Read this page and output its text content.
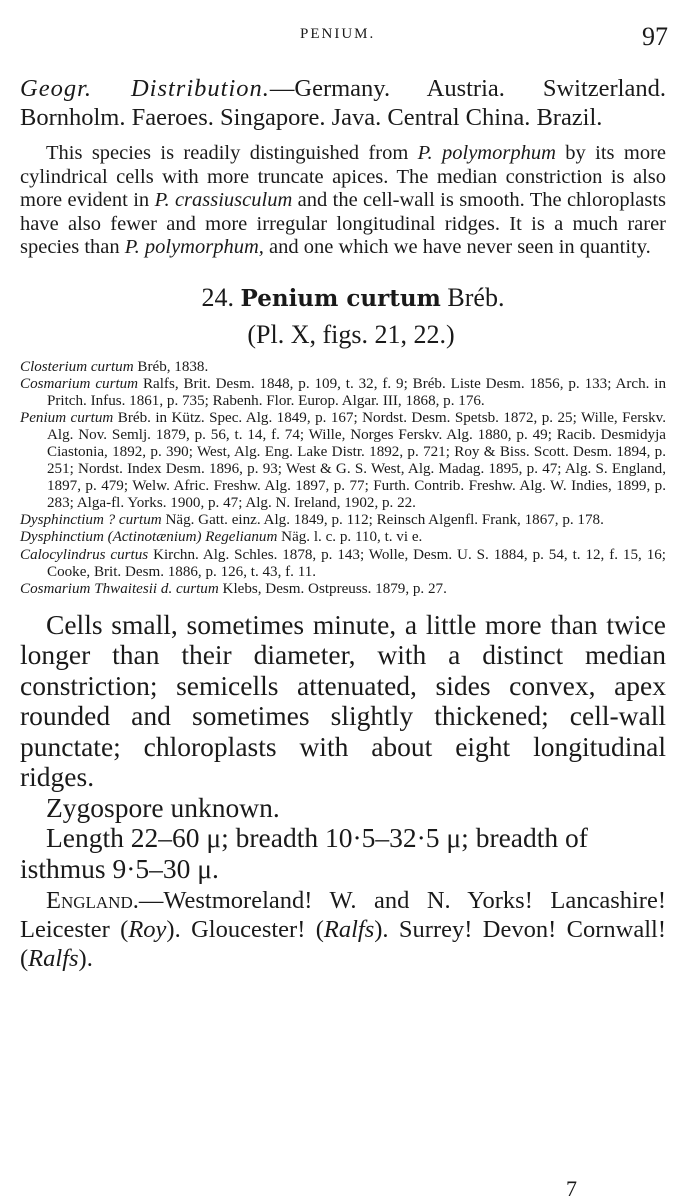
PENIUM.	97

Geogr. Distribution.—Germany. Austria. Switzerland. Bornholm. Faeroes. Singapore. Java. Central China. Brazil.

This species is readily distinguished from P. polymorphum by its more cylindrical cells with more truncate apices. The median constriction is also more evident in P. crassiusculum and the cell-wall is smooth. The chloroplasts have also fewer and more irregular longitudinal ridges. It is a much rarer species than P. polymorphum, and one which we have never seen in quantity.

24. Penium curtum Bréb.
(Pl. X, figs. 21, 22.)

Closterium curtum Bréb, 1838.

Cosmarium curtum Ralfs, Brit. Desm. 1848, p. 109, t. 32, f. 9; Bréb. Liste Desm. 1856, p. 133; Arch. in Pritch. Infus. 1861, p. 735; Rabenh. Flor. Europ. Algar. III, 1868, p. 176.

Penium curtum Bréb. in Kütz. Spec. Alg. 1849, p. 167; Nordst. Desm. Spetsb. 1872, p. 25; Wille, Ferskv. Alg. Nov. Semlj. 1879, p. 56, t. 14, f. 74; Wille, Norges Ferskv. Alg. 1880, p. 49; Racib. Desmidyja Ciastonia, 1892, p. 390; West, Alg. Eng. Lake Distr. 1892, p. 721; Roy & Biss. Scott. Desm. 1894, p. 251; Nordst. Index Desm. 1896, p. 93; West & G. S. West, Alg. Madag. 1895, p. 47; Alg. S. England, 1897, p. 479; Welw. Afric. Freshw. Alg. 1897, p. 77; Furth. Contrib. Freshw. Alg. W. Indies, 1899, p. 283; Alga-fl. Yorks. 1900, p. 47; Alg. N. Ireland, 1902, p. 22.

Dysphinctium ? curtum Näg. Gatt. einz. Alg. 1849, p. 112; Reinsch Algenfl. Frank, 1867, p. 178.

Dysphinctium (Actinotænium) Regelianum Näg. l. c. p. 110, t. vi e.

Calocylindrus curtus Kirchn. Alg. Schles. 1878, p. 143; Wolle, Desm. U. S. 1884, p. 54, t. 12, f. 15, 16; Cooke, Brit. Desm. 1886, p. 126, t. 43, f. 11.

Cosmarium Thwaitesii d. curtum Klebs, Desm. Ostpreuss. 1879, p. 27.

Cells small, sometimes minute, a little more than twice longer than their diameter, with a distinct median constriction; semicells attenuated, sides convex, apex rounded and sometimes slightly thickened; cell-wall punctate; chloroplasts with about eight longitudinal ridges.

Zygospore unknown.

Length 22–60 μ; breadth 10·5–32·5 μ; breadth of isthmus 9·5–30 μ.

England.—Westmoreland! W. and N. Yorks! Lancashire! Leicester (Roy). Gloucester! (Ralfs). Surrey! Devon! Cornwall! (Ralfs).

7
